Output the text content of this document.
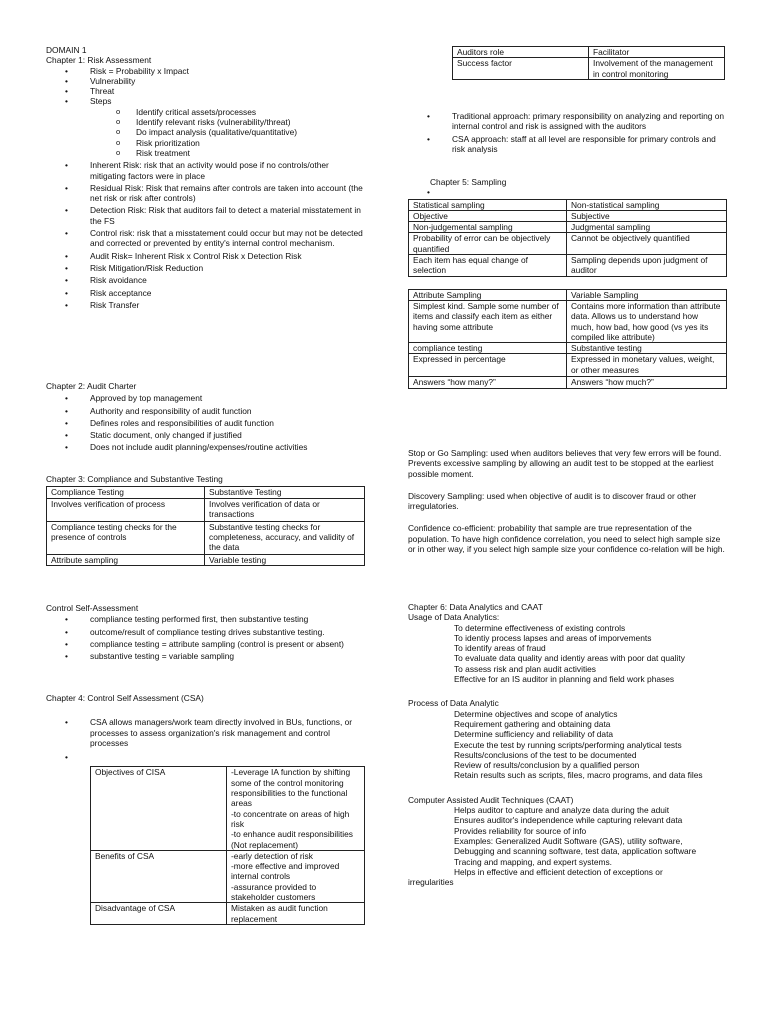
DOMAIN 1

Chapter 1: Risk Assessment

• Risk = Probability x Impact
• Vulnerability
• Threat
• Steps
o Identify critical assets/processes
o Identify relevant risks (vulnerability/threat)
o Do impact analysis (qualitative/quantitative)
o Risk prioritization
o Risk treatment
• Inherent Risk: risk that an activity would pose if no controls/other mitigating factors were in place
• Residual Risk: Risk that remains after controls are taken into account (the net risk or risk after controls)
• Detection Risk: Risk that auditors fail to detect a material misstatement in the FS
• Control risk: risk that a misstatement could occur but may not be detected and corrected or prevented by entity's internal control mechanism.
• Audit Risk= Inherent Risk x Control Risk x Detection Risk
• Risk Mitigation/Risk Reduction
• Risk avoidance
• Risk acceptance
• Risk Transfer

Chapter 2: Audit Charter

• Approved by top management
• Authority and responsibility of audit function
• Defines roles and responsibilities of audit function
• Static document, only changed if justified
• Does not include audit planning/expenses/routine activities

Chapter 3: Compliance and Substantive Testing

Compliance Testing	Substantive Testing
Involves verification of process	Involves verification of data or transactions
Compliance testing checks for the presence of controls	Substantive testing checks for completeness, accuracy, and validity of the data
Attribute sampling	Variable testing

Control Self-Assessment

• compliance testing performed first, then substantive testing
• outcome/result of compliance testing drives substantive testing.
• compliance testing = attribute sampling (control is present or absent)
• substantive testing = variable sampling

Chapter 4: Control Self Assessment (CSA)

• CSA allows managers/work team directly involved in BUs, functions, or processes to assess organization's risk management and control processes
•
Objectives of CISA	-Leverage IA function by shifting some of the control monitoring responsibilities to the functional areas
-to concentrate on areas of high risk
-to enhance audit responsibilities (Not replacement)
Benefits of CSA	-early detection of risk
-more effective and improved internal controls
-assurance provided to stakeholder customers
Disadvantage of CSA	Mistaken as audit function replacement
Auditors role	Facilitator
Success factor	Involvement of the management in control monitoring
• Traditional approach: primary responsibility on analyzing and reporting on internal control and risk is assigned with the auditors
• CSA approach: staff at all level are responsible for primary controls and risk analysis

Chapter 5: Sampling

•
Statistical sampling	Non-statistical sampling
Objective	Subjective
Non-judgemental sampling	Judgmental sampling
Probability of error can be objectively quantified	Cannot be objectively quantified
Each item has equal change of selection	Sampling depends upon judgment of auditor
Attribute Sampling	Variable Sampling
Simplest kind. Sample some number of items and classify each item as either having some attribute	Contains more information than attribute data. Allows us to understand how much, how bad, how good (vs yes its compiled like attribute)
compliance testing	Substantive testing
Expressed in percentage	Expressed in monetary values, weight, or other measures
Answers “how many?”	Answers “how much?”

Stop or Go Sampling: used when auditors believes that very few errors will be found. Prevents excessive sampling by allowing an audit test to be stopped at the earliest possible moment.

Discovery Sampling: used when objective of audit is to discover fraud or other irregulatories.

Confidence co-efficient: probability that sample are true representation of the population. To have high confidence correlation, you need to select high sample size or in other way, if you select high sample size your confidence co-relation will be high.

Chapter 6: Data Analytics and CAAT

Usage of Data Analytics:

To determine effectiveness of existing controls

To identiy process lapses and areas of imporvements

To identify areas of fraud

To evaluate data quality and identiy areas with poor dat quality

To assess risk and plan audit activities

Effective for an IS auditor in planning and field work phases

Process of Data Analytic

Determine objectives and scope of analytics

Requirement gathering and obtaining data

Determine sufficiency and reliability of data

Execute the test by running scripts/performing analytical tests

Results/conclusions of the test to be documented

Review of results/conclusion by a qualified person

Retain results such as scripts, files, macro programs, and data files

Computer Assisted Audit Techniques (CAAT)

Helps auditor to capture and analyze data during the aduit

Ensures auditor's independence while capturing relevant data

Provides reliability for source of info

Examples: Generalized Audit Software (GAS), utility software,

Debugging and scanning software, test data, application software

Tracing and mapping, and expert systems.

Helps in effective and efficient detection of exceptions or

irregularities
